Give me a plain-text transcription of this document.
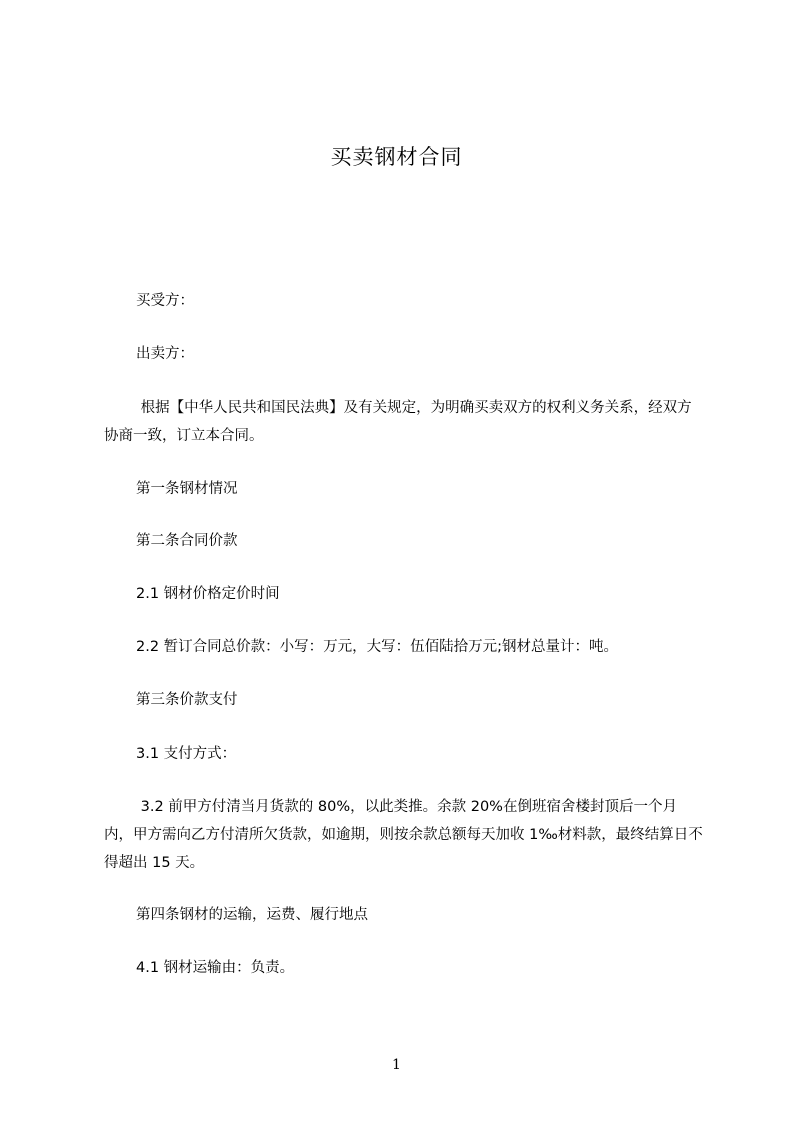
买卖钢材合同
买受方：
出卖方：
根据【中华人民共和国民法典】及有关规定，为明确买卖双方的权利义务关系，经双方协商一致，订立本合同。
第一条钢材情况
第二条合同价款
2.1 钢材价格定价时间
2.2 暂订合同总价款：小写：万元，大写：伍佰陆拾万元;钢材总量计：吨。
第三条价款支付
3.1 支付方式：
3.2 前甲方付清当月货款的 80%，以此类推。余款 20%在倒班宿舍楼封顶后一个月内，甲方需向乙方付清所欠货款，如逾期，则按余款总额每天加收 1‰材料款，最终结算日不得超出 15 天。
第四条钢材的运输，运费、履行地点
4.1 钢材运输由：负责。
1
